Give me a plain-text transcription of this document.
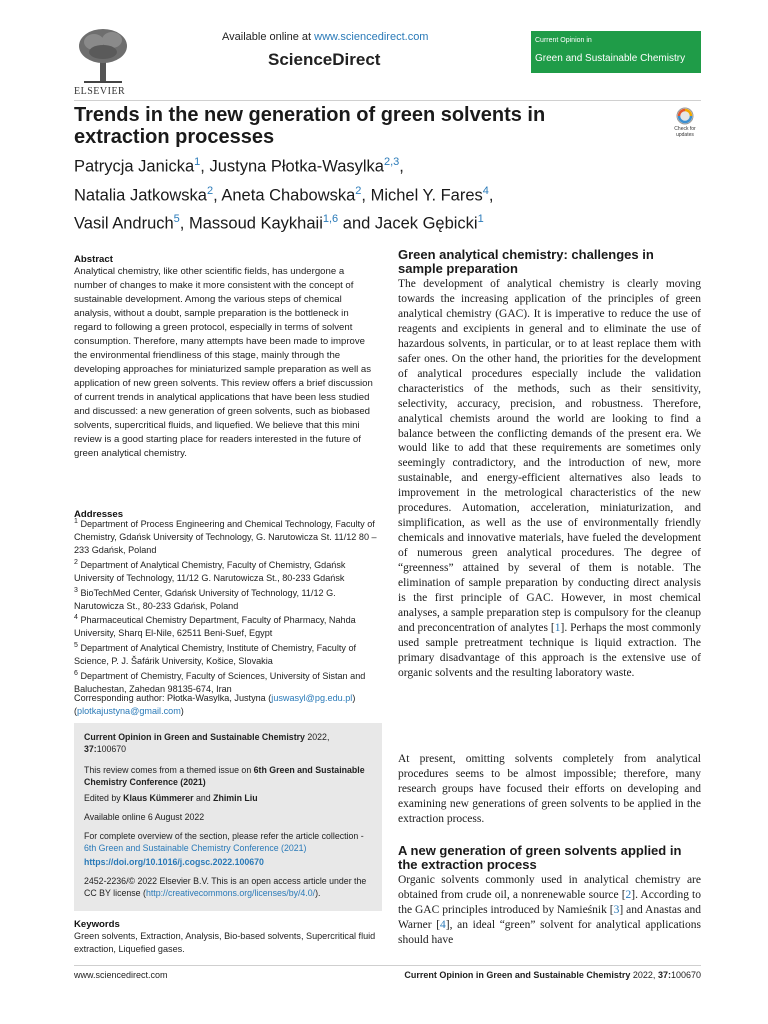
ELSEVIER
Available online at www.sciencedirect.com
ScienceDirect
Current Opinion in
Green and Sustainable Chemistry
Trends in the new generation of green solvents in extraction processes	Check for updates
Patrycja Janicka$^1$, Justyna Płotka-Wasylka$^{2,3}$,
Natalia Jatkowska$^2$, Aneta Chabowska$^2$, Michel Y. Fares$^4$,
Vasil Andruch$^5$, Massoud Kaykhaii$^{1,6}$ and Jacek Gębicki$^1$
Abstract
Analytical chemistry, like other scientific fields, has undergone a number of changes to make it more consistent with the concept of sustainable development. Among the various steps of chemical analysis, without a doubt, sample preparation is the bottleneck in regard to following a green protocol, especially in terms of solvent consumption. Therefore, many attempts have been made to improve the environmental friendliness of this stage, mainly through the developing approaches for miniaturized sample preparation as well as application of new green solvents. This review offers a brief discussion of current trends in analytical applications that have been less studied and discussed: a new generation of green solvents, such as biobased solvents, supercritical fluids, and liquefied. We believe that this mini review is a good starting place for readers interested in the future of green analytical chemistry.
Addresses
$^1$ Department of Process Engineering and Chemical Technology, Faculty of Chemistry, Gdańsk University of Technology, G. Narutowicza St. 11/12 80 – 233 Gdańsk, Poland
$^2$ Department of Analytical Chemistry, Faculty of Chemistry, Gdańsk University of Technology, 11/12 G. Narutowicza St., 80-233 Gdańsk
$^3$ BioTechMed Center, Gdańsk University of Technology, 11/12 G. Narutowicza St., 80-233 Gdańsk, Poland
$^4$ Pharmaceutical Chemistry Department, Faculty of Pharmacy, Nahda University, Sharq El-Nile, 62511 Beni-Suef, Egypt
$^5$ Department of Analytical Chemistry, Institute of Chemistry, Faculty of Science, P. J. Šafárik University, Košice, Slovakia
$^6$ Department of Chemistry, Faculty of Sciences, University of Sistan and Baluchestan, Zahedan 98135-674, Iran
Corresponding author: Płotka-Wasylka, Justyna (juswasyl@pg.edu.pl)
(plotkajustyna@gmail.com)
Current Opinion in Green and Sustainable Chemistry 2022,
37:100670
This review comes from a themed issue on 6th Green and Sustainable Chemistry Conference (2021)
Edited by Klaus Kümmerer and Zhimin Liu
Available online 6 August 2022
For complete overview of the section, please refer the article collection - 6th Green and Sustainable Chemistry Conference (2021)
https://doi.org/10.1016/j.cogsc.2022.100670
2452-2236/© 2022 Elsevier B.V. This is an open access article under the CC BY license (http://creativecommons.org/licenses/by/4.0/).
Keywords
Green solvents, Extraction, Analysis, Bio-based solvents, Supercritical fluid extraction, Liquefied gases.
Green analytical chemistry: challenges in sample preparation
The development of analytical chemistry is clearly moving towards the increasing application of the principles of green analytical chemistry (GAC). It is imperative to reduce the use of reagents and excipients in general and to eliminate the use of hazardous solvents, in particular, or to at least replace them with safer ones. On the other hand, the priorities for the development of analytical procedures especially include the validation characteristics of the methods, such as their sensitivity, selectivity, accuracy, precision, and robustness. Therefore, analytical chemists around the world are looking to find a balance between the conflicting demands of the present era. We would like to add that these requirements are sometimes only seemingly contradictory, and the introduction of new, more sustainable, and energy-efficient alternatives also leads to improvement in the metrological characteristics of the new procedures. Automation, acceleration, miniaturization, and simplification, as well as the use of environmentally friendly chemicals and innovative materials, have fueled the development of numerous green analytical procedures. The degree of “greenness” attained by several of them is notable. The elimination of sample preparation by conducting direct analysis is the first principle of GAC. However, in most chemical analyses, a sample preparation step is compulsory for the cleanup and preconcentration of analytes [1]. Perhaps the most commonly used sample pretreatment technique is liquid extraction. The primary disadvantage of this approach is the extensive use of organic solvents and the resulting laboratory waste.
At present, omitting solvents completely from analytical procedures seems to be almost impossible; therefore, many research groups have focused their efforts on developing and examining new generations of green solvents to be applied in the extraction process.
A new generation of green solvents applied in the extraction process
Organic solvents commonly used in analytical chemistry are obtained from crude oil, a nonrenewable source [2]. According to the GAC principles introduced by Namieśnik [3] and Anastas and Warner [4], an ideal “green” solvent for analytical applications should have
www.sciencedirect.com	Current Opinion in Green and Sustainable Chemistry 2022, 37:100670
